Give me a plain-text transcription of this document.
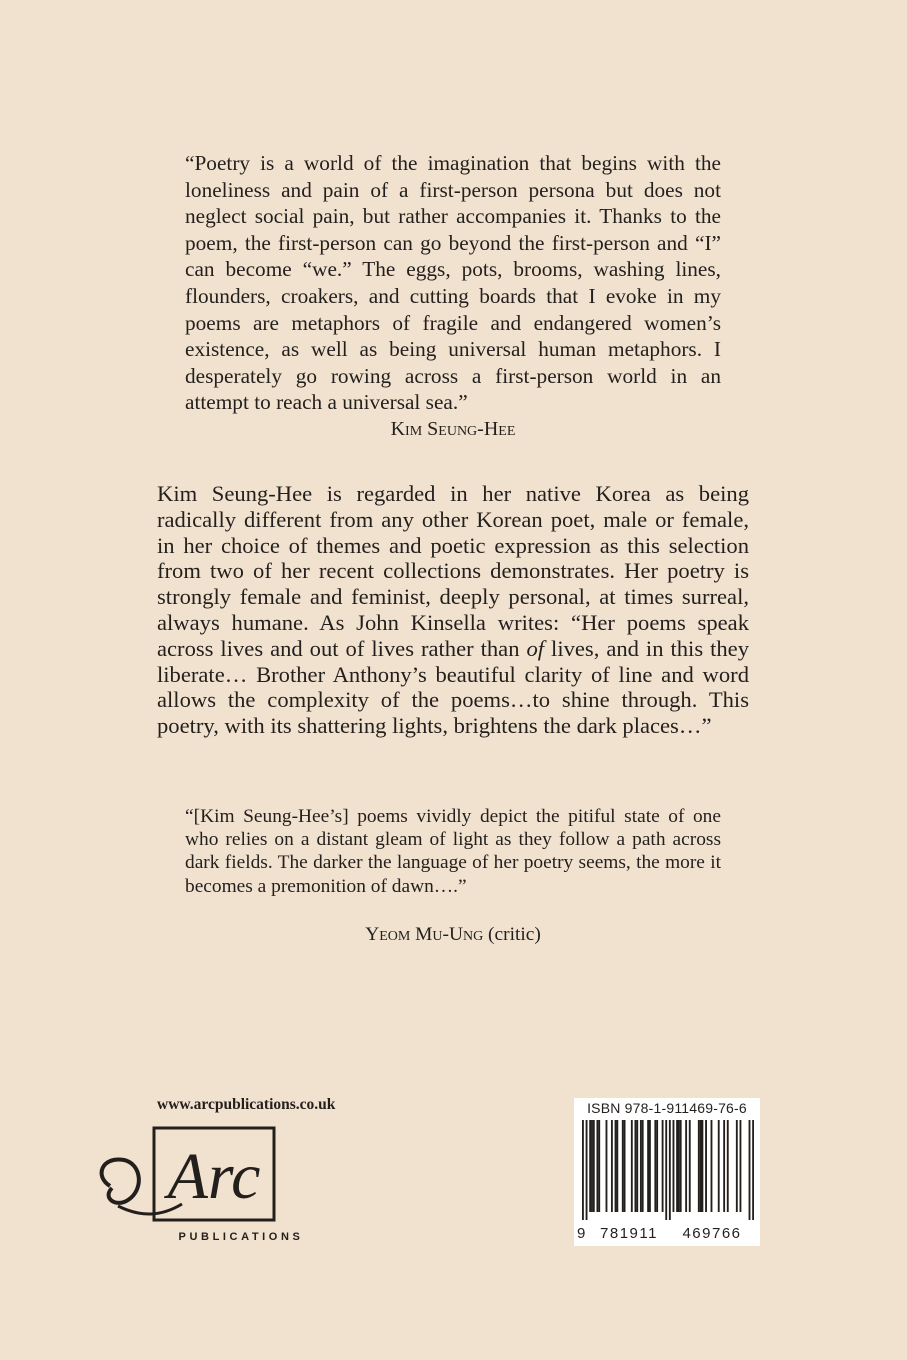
“Poetry is a world of the imagination that begins with the loneliness and pain of a first-person persona but does not neglect social pain, but rather accompanies it. Thanks to the poem, the first-person can go beyond the first-person and “I” can become “we.” The eggs, pots, brooms, washing lines, flounders, croakers, and cutting boards that I evoke in my poems are metaphors of fragile and endangered women’s existence, as well as being universal human metaphors. I desperately go rowing across a first-person world in an attempt to reach a universal sea.”

Kim Seung-Hee

Kim Seung-Hee is regarded in her native Korea as being radically different from any other Korean poet, male or female, in her choice of themes and poetic expression as this selection from two of her recent collections demonstrates. Her poetry is strongly female and feminist, deeply personal, at times surreal, always humane. As John Kinsella writes: “Her poems speak across lives and out of lives rather than of lives, and in this they liberate… Brother Anthony’s beautiful clarity of line and word allows the complexity of the poems…to shine through. This poetry, with its shattering lights, brightens the dark places…”

“[Kim Seung-Hee’s] poems vividly depict the pitiful state of one who relies on a distant gleam of light as they follow a path across dark fields. The darker the language of her poetry seems, the more it becomes a premonition of dawn….”

Yeom Mu-Ung (critic)
www.arcpublications.co.uk
Arc
PUBLICATIONS
ISBN 978-1-911469-76-6
9 781911 469766
